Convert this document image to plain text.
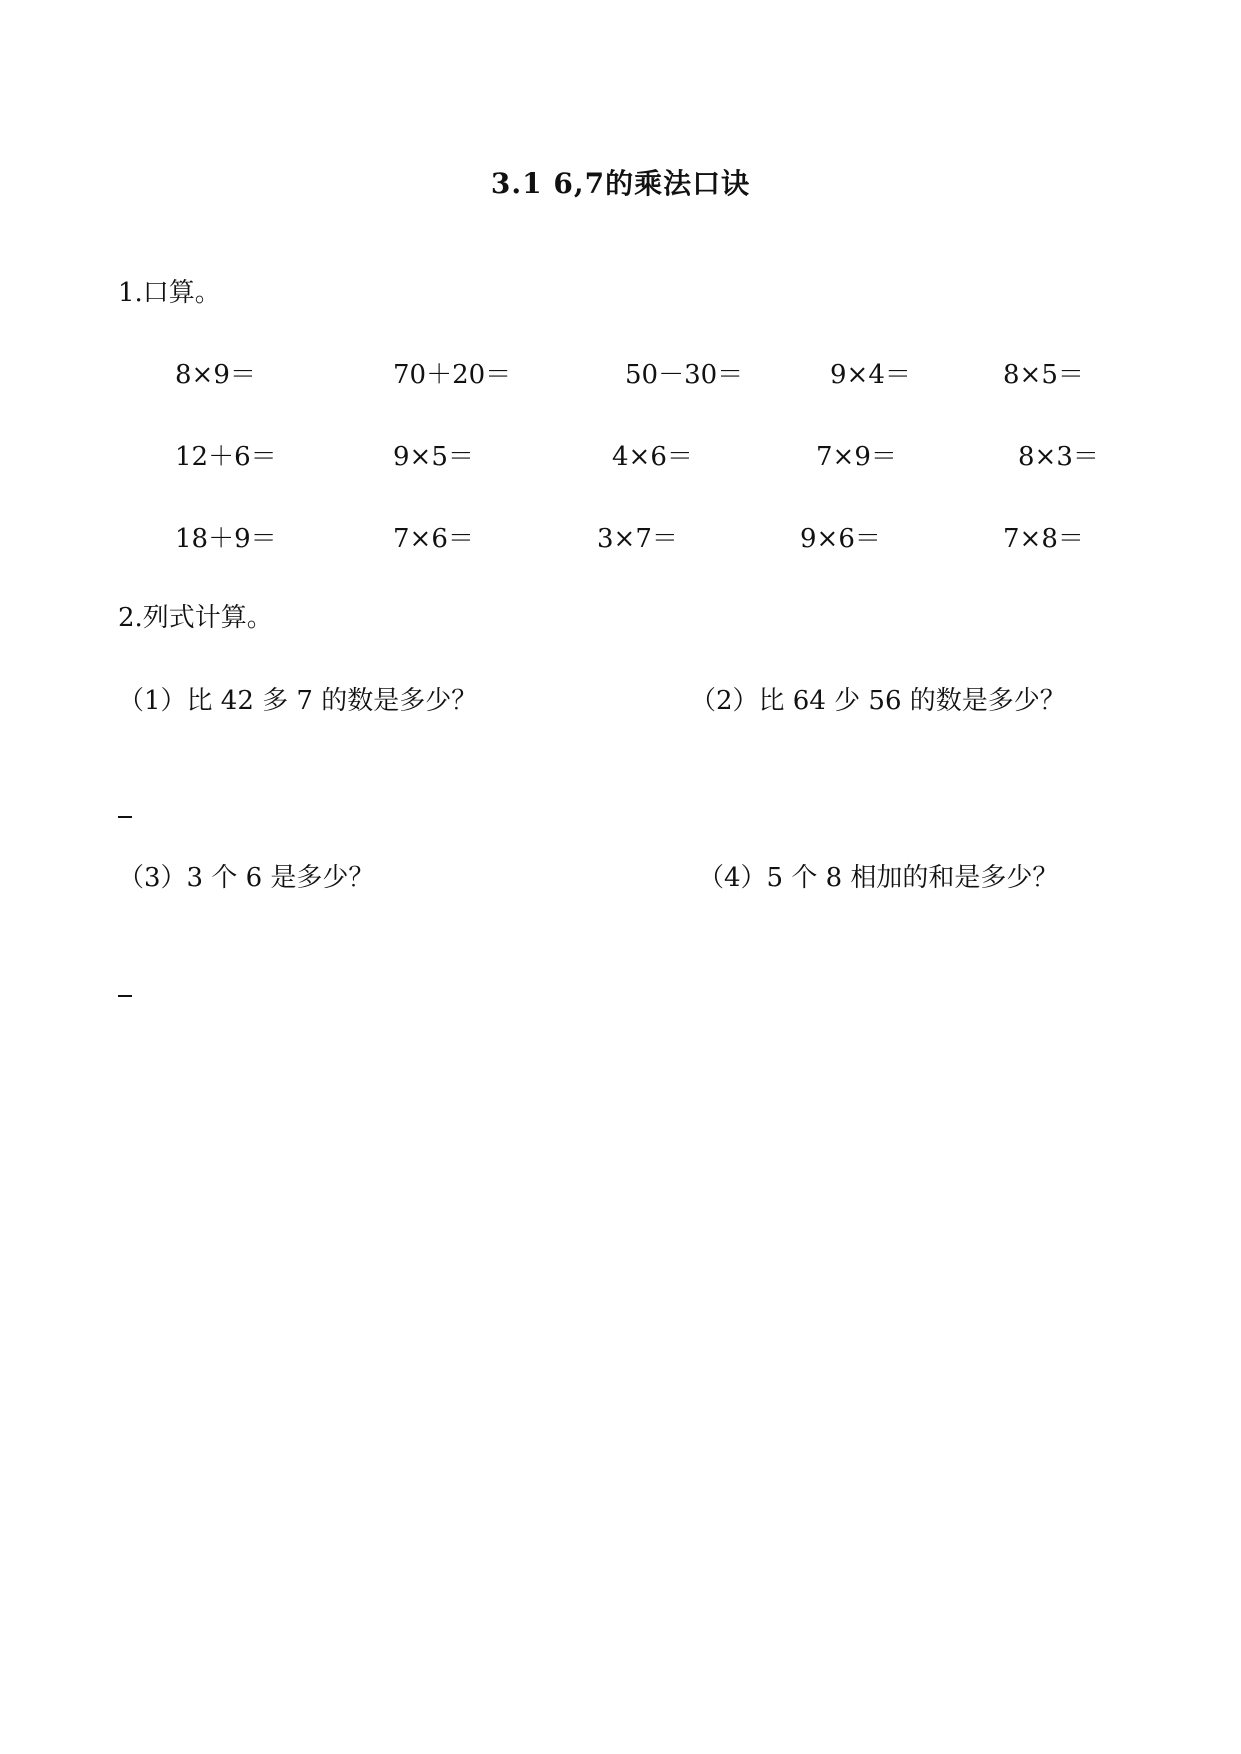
3.1 6,7的乘法口诀
1.口算。
8×9＝	70＋20＝	50－30＝	9×4＝	8×5＝
12＋6＝	9×5＝	4×6＝	7×9＝	8×3＝
18＋9＝	7×6＝	3×7＝	9×6＝	7×8＝
2.列式计算。
（1）比 42 多 7 的数是多少？	（2）比 64 少 56 的数是多少？
（3）3 个 6 是多少？	（4）5 个 8 相加的和是多少？
